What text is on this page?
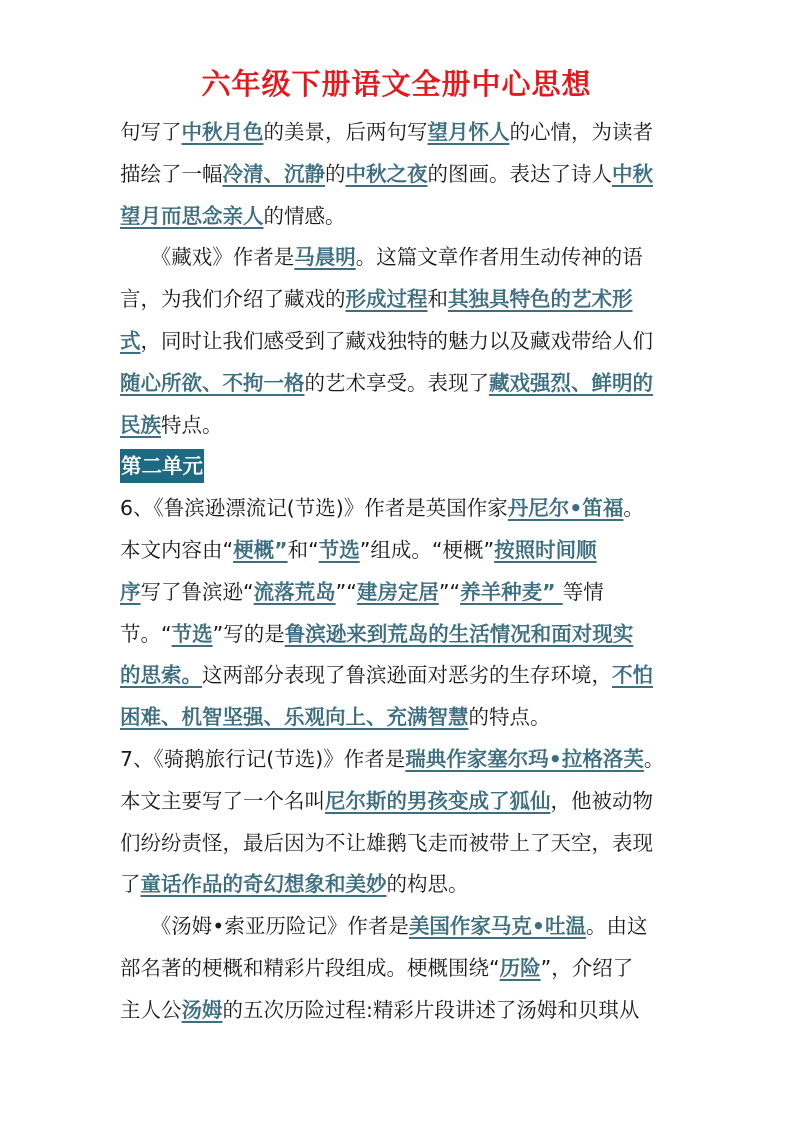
六年级下册语文全册中心思想

句写了中秋月色的美景，后两句写望月怀人的心情，为读者

描绘了一幅冷清、沉静的中秋之夜的图画。表达了诗人中秋

望月而思念亲人的情感。

　　《藏戏》作者是马晨明。这篇文章作者用生动传神的语

言，为我们介绍了藏戏的形成过程和其独具特色的艺术形

式，同时让我们感受到了藏戏独特的魅力以及藏戏带给人们

随心所欲、不拘一格的艺术享受。表现了藏戏强烈、鲜明的

民族特点。

第二单元

6、《鲁滨逊漂流记(节选)》作者是英国作家丹尼尔•笛福。

本文内容由“梗概”和“节选”组成。“梗概”按照时间顺

序写了鲁滨逊“流落荒岛”“建房定居”“养羊种麦” 等情

节。“节选”写的是鲁滨逊来到荒岛的生活情况和面对现实

的思索。这两部分表现了鲁滨逊面对恶劣的生存环境，不怕

困难、机智坚强、乐观向上、充满智慧的特点。

7、《骑鹅旅行记(节选)》作者是瑞典作家塞尔玛•拉格洛芙。

本文主要写了一个名叫尼尔斯的男孩变成了狐仙，他被动物

们纷纷责怪，最后因为不让雄鹅飞走而被带上了天空，表现

了童话作品的奇幻想象和美妙的构思。

　　《汤姆•索亚历险记》作者是美国作家马克•吐温。由这

部名著的梗概和精彩片段组成。梗概围绕“历险”，介绍了

主人公汤姆的五次历险过程:精彩片段讲述了汤姆和贝琪从
